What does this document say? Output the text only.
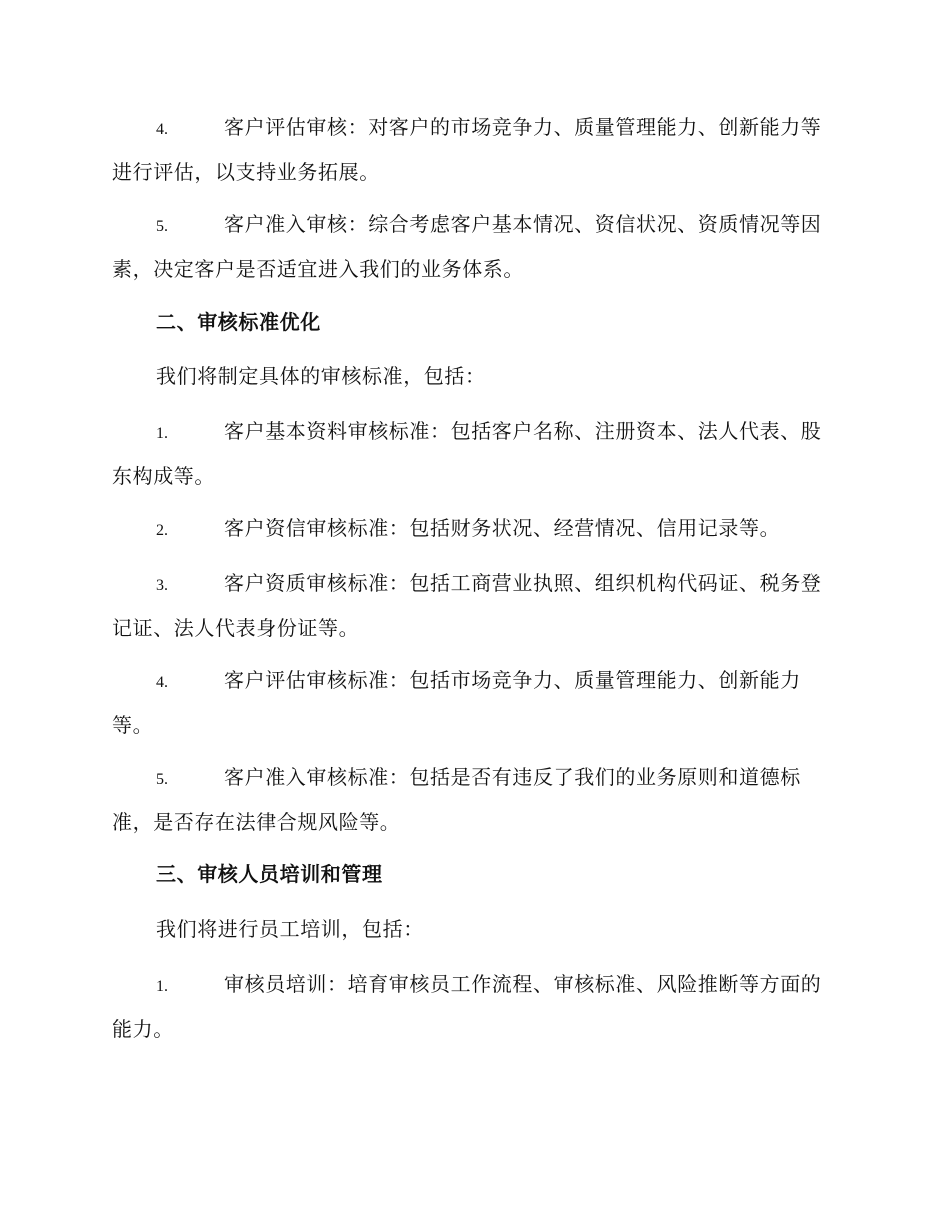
4.	客户评估审核：对客户的市场竞争力、质量管理能力、创新能力等进行评估，以支持业务拓展。
5.	客户准入审核：综合考虑客户基本情况、资信状况、资质情况等因素，决定客户是否适宜进入我们的业务体系。
二、审核标准优化
我们将制定具体的审核标准，包括：
1.	客户基本资料审核标准：包括客户名称、注册资本、法人代表、股东构成等。
2.	客户资信审核标准：包括财务状况、经营情况、信用记录等。
3.	客户资质审核标准：包括工商营业执照、组织机构代码证、税务登记证、法人代表身份证等。
4.	客户评估审核标准：包括市场竞争力、质量管理能力、创新能力等。
5.	客户准入审核标准：包括是否有违反了我们的业务原则和道德标准，是否存在法律合规风险等。
三、审核人员培训和管理
我们将进行员工培训，包括：
1.	审核员培训：培育审核员工作流程、审核标准、风险推断等方面的能力。
